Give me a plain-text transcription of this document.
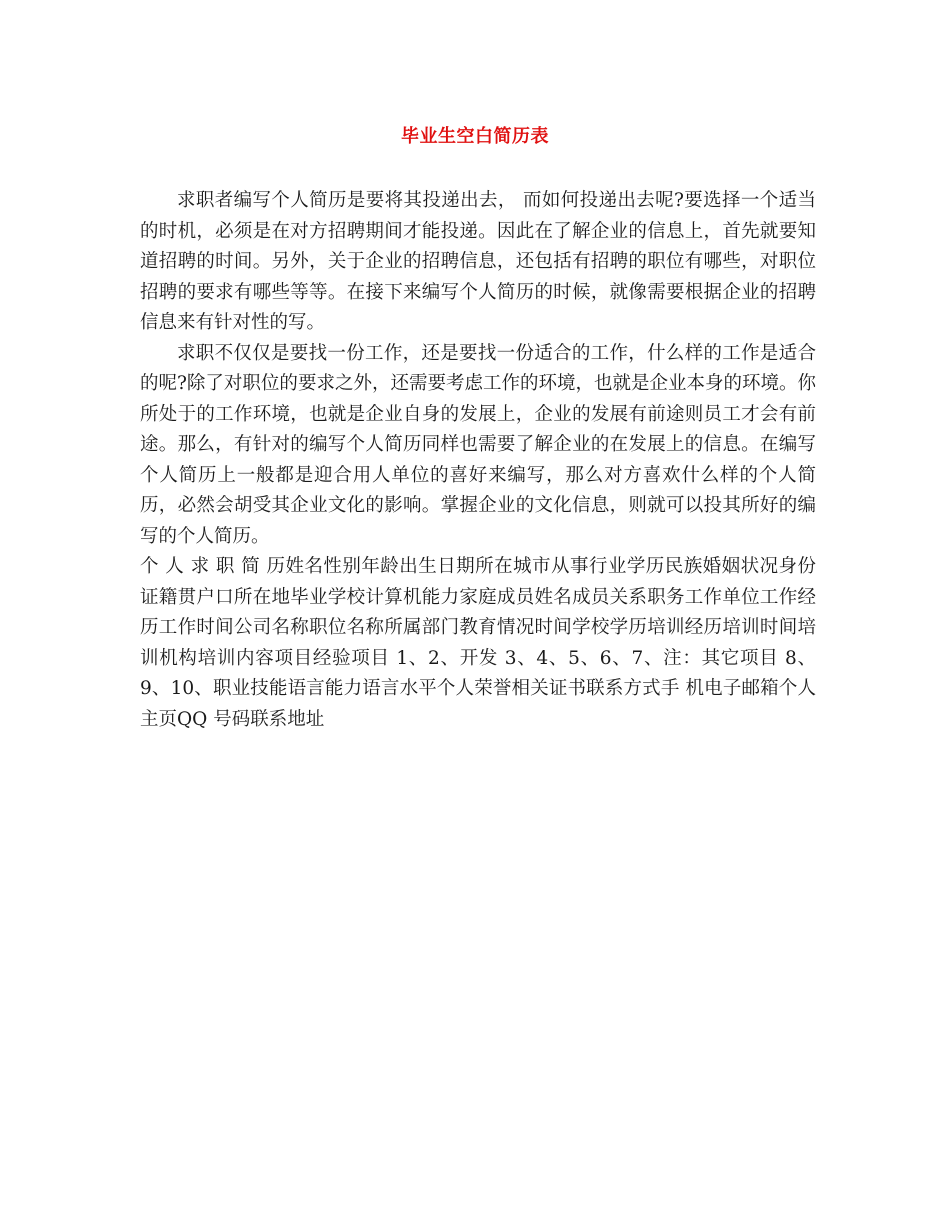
毕业生空白简历表

求职者编写个人简历是要将其投递出去， 而如何投递出去呢?要选择一个适当的时机，必须是在对方招聘期间才能投递。因此在了解企业的信息上，首先就要知道招聘的时间。另外，关于企业的招聘信息，还包括有招聘的职位有哪些，对职位招聘的要求有哪些等等。在接下来编写个人简历的时候，就像需要根据企业的招聘信息来有针对性的写。

求职不仅仅是要找一份工作，还是要找一份适合的工作，什么样的工作是适合的呢?除了对职位的要求之外，还需要考虑工作的环境，也就是企业本身的环境。你所处于的工作环境，也就是企业自身的发展上，企业的发展有前途则员工才会有前途。那么，有针对的编写个人简历同样也需要了解企业的在发展上的信息。在编写个人简历上一般都是迎合用人单位的喜好来编写，那么对方喜欢什么样的个人简历，必然会胡受其企业文化的影响。掌握企业的文化信息，则就可以投其所好的编写的个人简历。

个 人 求 职 简 历姓名性别年龄出生日期所在城市从事行业学历民族婚姻状况身份证籍贯户口所在地毕业学校计算机能力家庭成员姓名成员关系职务工作单位工作经历工作时间公司名称职位名称所属部门教育情况时间学校学历培训经历培训时间培训机构培训内容项目经验项目 1、2、开发 3、4、5、6、7、注：其它项目 8、9、10、职业技能语言能力语言水平个人荣誉相关证书联系方式手 机电子邮箱个人主页QQ 号码联系地址
